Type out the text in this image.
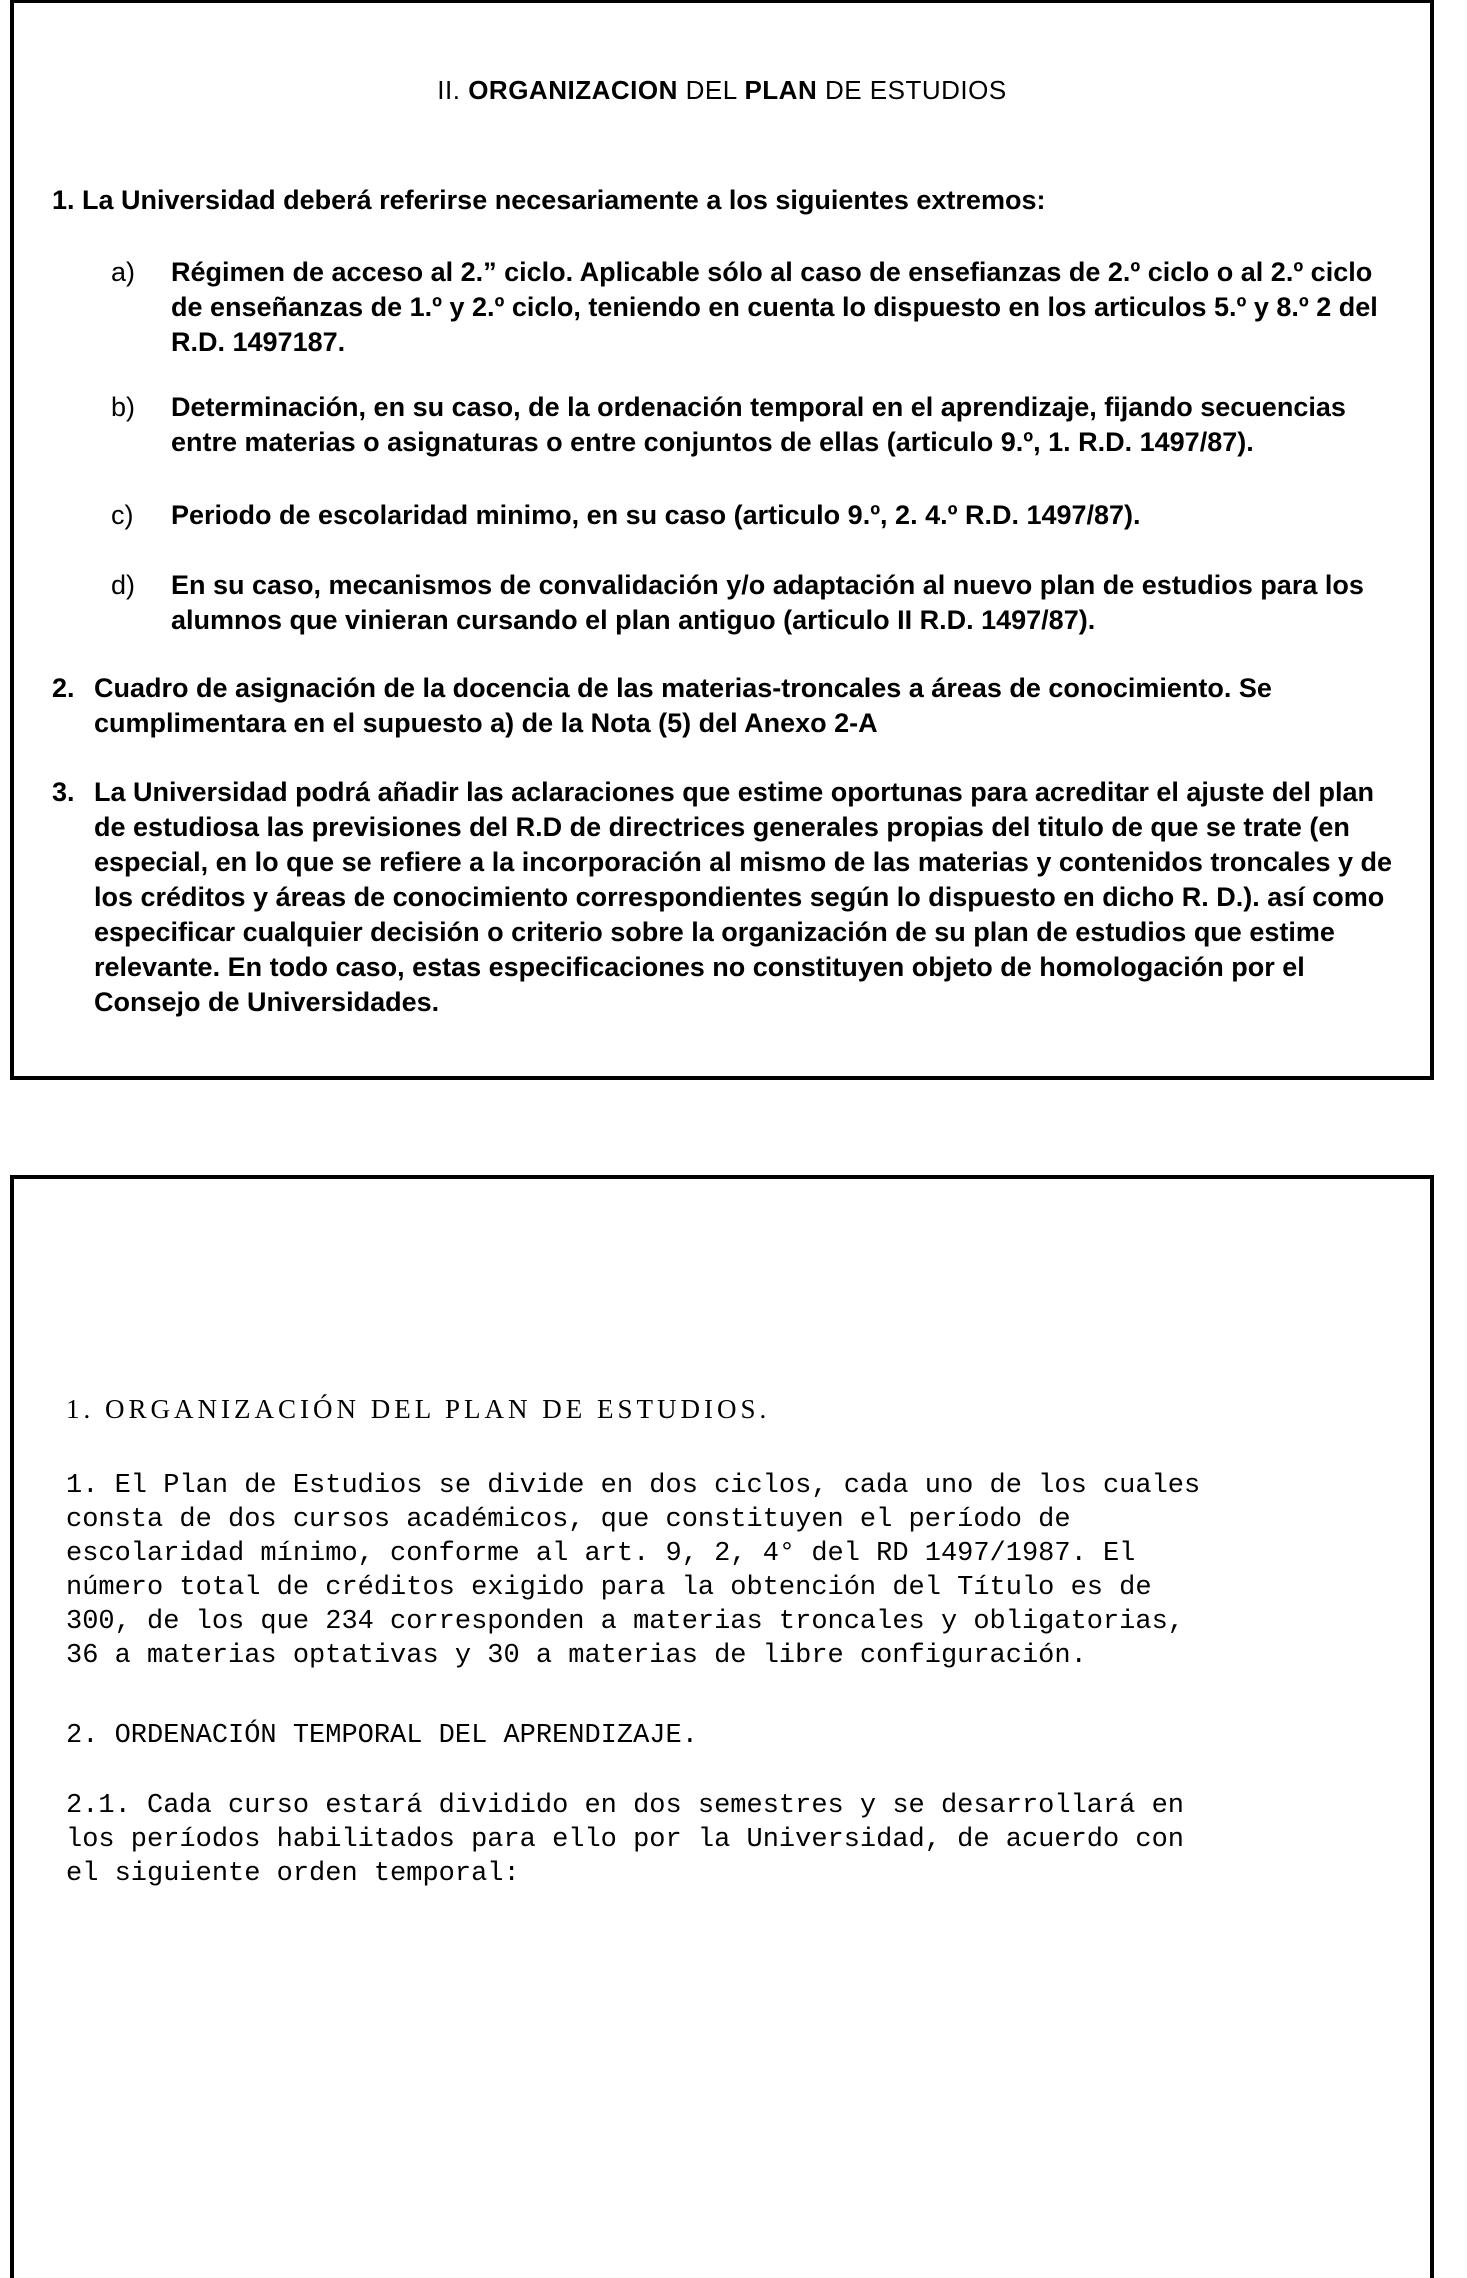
II. ORGANIZACION DEL PLAN DE ESTUDIOS
1. La Universidad deberá referirse necesariamente a los siguientes extremos:
a) Régimen de acceso al 2.” ciclo. Aplicable sólo al caso de ensefianzas de 2.º ciclo o al 2.º ciclo de enseñanzas de 1.º y 2.º ciclo, teniendo en cuenta lo dispuesto en los articulos 5.º y 8.º 2 del R.D. 1497187.
b) Determinación, en su caso, de la ordenación temporal en el aprendizaje, fijando secuencias entre materias o asignaturas o entre conjuntos de ellas (articulo 9.º, 1. R.D. 1497/87).
c) Periodo de escolaridad minimo, en su caso (articulo 9.º, 2. 4.º R.D. 1497/87).
d) En su caso, mecanismos de convalidación y/o adaptación al nuevo plan de estudios para los alumnos que vinieran cursando el plan antiguo (articulo II R.D. 1497/87).
2. Cuadro de asignación de la docencia de las materias-troncales a áreas de conocimiento. Se cumplimentara en el supuesto a) de la Nota (5) del Anexo 2-A
3. La Universidad podrá añadir las aclaraciones que estime oportunas para acreditar el ajuste del plan de estudiosa las previsiones del R.D de directrices generales propias del titulo de que se trate (en especial, en lo que se refiere a la incorporación al mismo de las materias y contenidos troncales y de los créditos y áreas de conocimiento correspondientes según lo dispuesto en dicho R. D.). así como especificar cualquier decisión o criterio sobre la organización de su plan de estudios que estime relevante. En todo caso, estas especificaciones no constituyen objeto de homologación por el Consejo de Universidades.
1. ORGANIZACIÓN DEL PLAN DE ESTUDIOS.
1. El Plan de Estudios se divide en dos ciclos, cada uno de los cuales
consta de dos cursos académicos, que constituyen el período de
escolaridad mínimo, conforme al art. 9, 2, 4° del RD 1497/1987. El
número total de créditos exigido para la obtención del Título es de
300, de los que 234 corresponden a materias troncales y obligatorias,
36 a materias optativas y 30 a materias de libre configuración.
2. ORDENACIÓN TEMPORAL DEL APRENDIZAJE.
2.1. Cada curso estará dividido en dos semestres y se desarrollará en
los períodos habilitados para ello por la Universidad, de acuerdo con
el siguiente orden temporal:
